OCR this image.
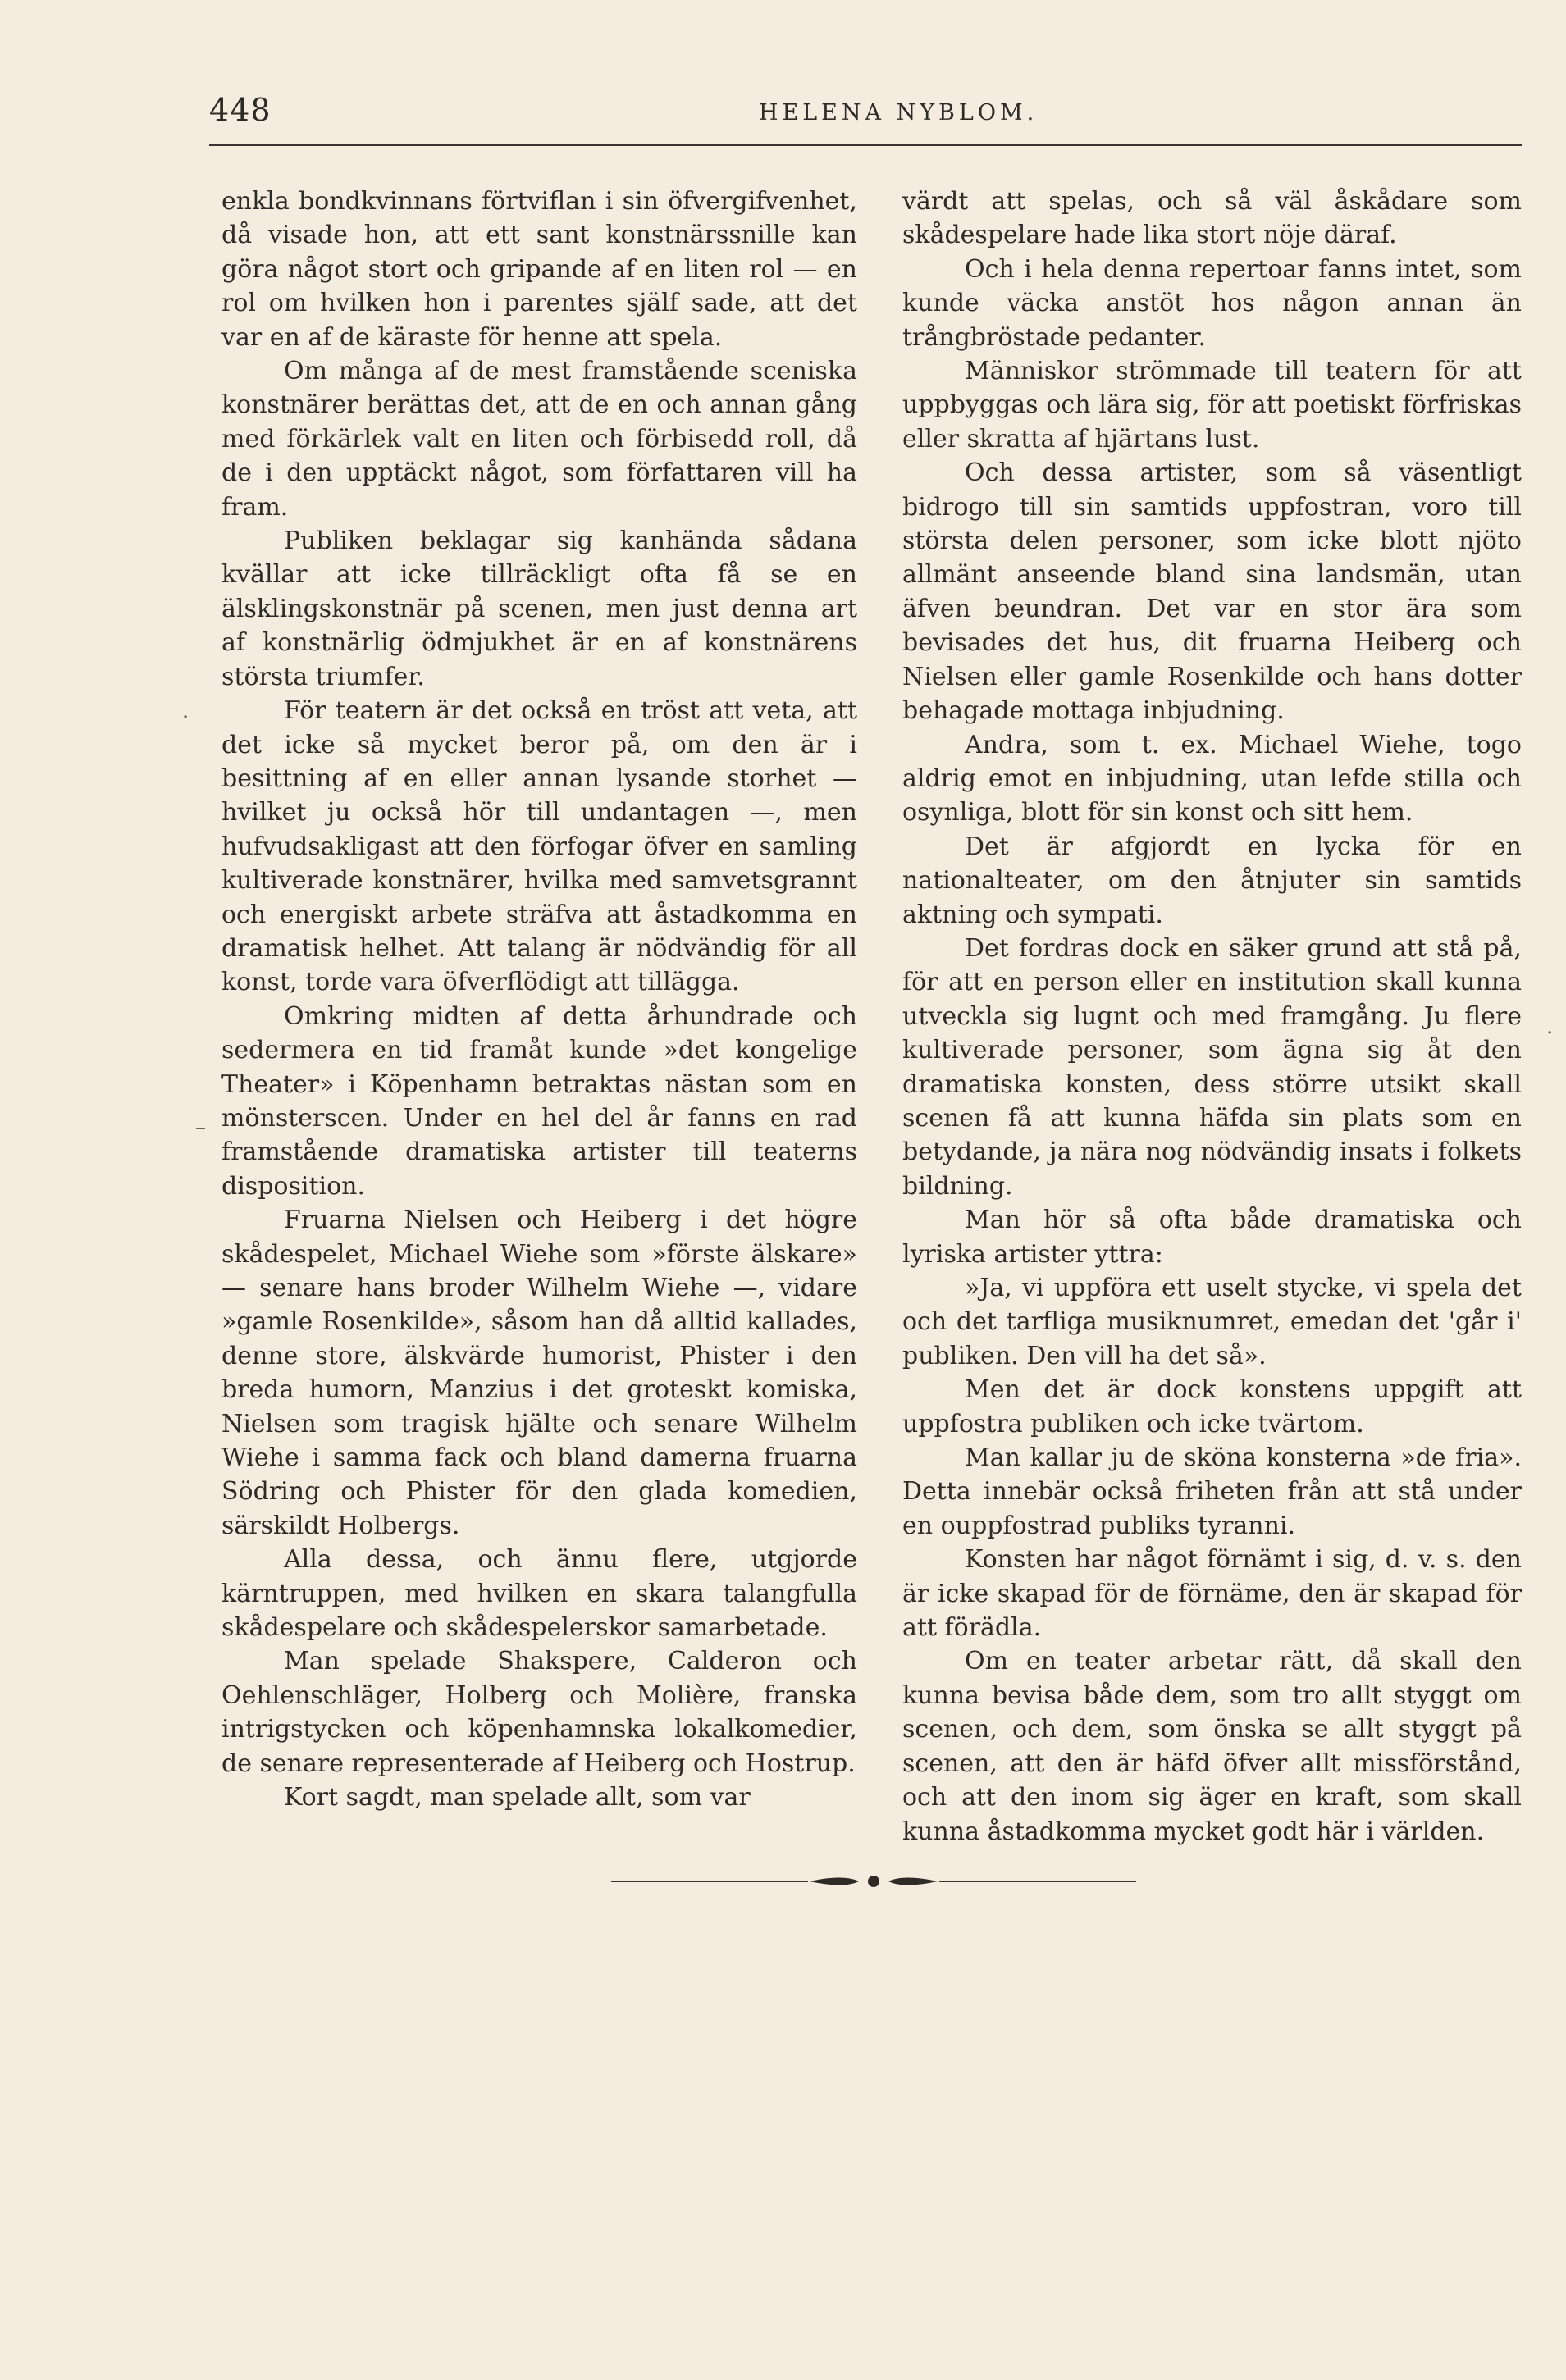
448	HELENA NYBLOM.

enkla bondkvinnans förtviflan i sin öfvergifvenhet, då visade hon, att ett sant konstnärssnille kan göra något stort och gripande af en liten rol — en rol om hvilken hon i parentes själf sade, att det var en af de käraste för henne att spela.

Om många af de mest framstående sceniska konstnärer berättas det, att de en och annan gång med förkärlek valt en liten och förbisedd roll, då de i den upptäckt något, som författaren vill ha fram.

Publiken beklagar sig kanhända sådana kvällar att icke tillräckligt ofta få se en älsklingskonstnär på scenen, men just denna art af konstnärlig ödmjukhet är en af konstnärens största triumfer.

För teatern är det också en tröst att veta, att det icke så mycket beror på, om den är i besittning af en eller annan lysande storhet — hvilket ju också hör till undantagen —, men hufvudsakligast att den förfogar öfver en samling kultiverade konstnärer, hvilka med samvetsgrannt och energiskt arbete sträfva att åstadkomma en dramatisk helhet. Att talang är nödvändig för all konst, torde vara öfverflödigt att tillägga.

Omkring midten af detta århundrade och sedermera en tid framåt kunde »det kongelige Theater» i Köpenhamn betraktas nästan som en mönsterscen. Under en hel del år fanns en rad framstående dramatiska artister till teaterns disposition.

Fruarna Nielsen och Heiberg i det högre skådespelet, Michael Wiehe som »förste älskare» — senare hans broder Wilhelm Wiehe —, vidare »gamle Rosenkilde», såsom han då alltid kallades, denne store, älskvärde humorist, Phister i den breda humorn, Manzius i det groteskt komiska, Nielsen som tragisk hjälte och senare Wilhelm Wiehe i samma fack och bland damerna fruarna Södring och Phister för den glada komedien, särskildt Holbergs.

Alla dessa, och ännu flere, utgjorde kärntruppen, med hvilken en skara talangfulla skådespelare och skådespelerskor samarbetade.

Man spelade Shakspere, Calderon och Oehlenschläger, Holberg och Molière, franska intrigstycken och köpenhamnska lokalkomedier, de senare representerade af Heiberg och Hostrup.

Kort sagdt, man spelade allt, som var

värdt att spelas, och så väl åskådare som skådespelare hade lika stort nöje däraf.

Och i hela denna repertoar fanns intet, som kunde väcka anstöt hos någon annan än trångbröstade pedanter.

Människor strömmade till teatern för att uppbyggas och lära sig, för att poetiskt förfriskas eller skratta af hjärtans lust.

Och dessa artister, som så väsentligt bidrogo till sin samtids uppfostran, voro till största delen personer, som icke blott njöto allmänt anseende bland sina landsmän, utan äfven beundran. Det var en stor ära som bevisades det hus, dit fruarna Heiberg och Nielsen eller gamle Rosenkilde och hans dotter behagade mottaga inbjudning.

Andra, som t. ex. Michael Wiehe, togo aldrig emot en inbjudning, utan lefde stilla och osynliga, blott för sin konst och sitt hem.

Det är afgjordt en lycka för en nationalteater, om den åtnjuter sin samtids aktning och sympati.

Det fordras dock en säker grund att stå på, för att en person eller en institution skall kunna utveckla sig lugnt och med framgång. Ju flere kultiverade personer, som ägna sig åt den dramatiska konsten, dess större utsikt skall scenen få att kunna häfda sin plats som en betydande, ja nära nog nödvändig insats i folkets bildning.

Man hör så ofta både dramatiska och lyriska artister yttra:

»Ja, vi uppföra ett uselt stycke, vi spela det och det tarfliga musiknumret, emedan det 'går i' publiken. Den vill ha det så».

Men det är dock konstens uppgift att uppfostra publiken och icke tvärtom.

Man kallar ju de sköna konsterna »de fria». Detta innebär också friheten från att stå under en ouppfostrad publiks tyranni.

Konsten har något förnämt i sig, d. v. s. den är icke skapad för de förnäme, den är skapad för att förädla.

Om en teater arbetar rätt, då skall den kunna bevisa både dem, som tro allt styggt om scenen, och dem, som önska se allt styggt på scenen, att den är häfd öfver allt missförstånd, och att den inom sig äger en kraft, som skall kunna åstadkomma mycket godt här i världen.

·
·
–
